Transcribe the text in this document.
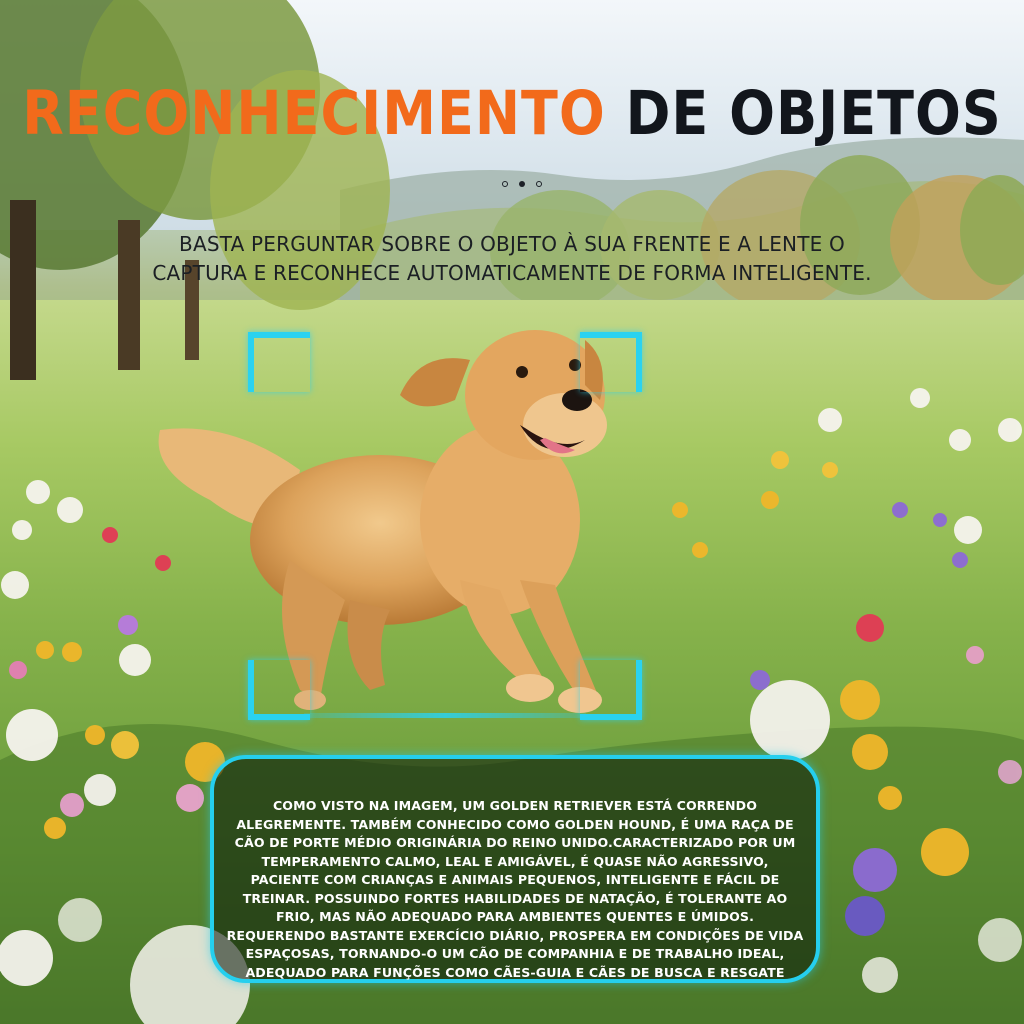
RECONHECIMENTO DE OBJETOS
BASTA PERGUNTAR SOBRE O OBJETO À SUA FRENTE E A LENTE O
CAPTURA E RECONHECE AUTOMATICAMENTE DE FORMA INTELIGENTE.
COMO VISTO NA IMAGEM, UM GOLDEN RETRIEVER ESTÁ CORRENDO ALEGREMENTE. TAMBÉM CONHECIDO COMO GOLDEN HOUND, É UMA RAÇA DE CÃO DE PORTE MÉDIO ORIGINÁRIA DO REINO UNIDO.CARACTERIZADO POR UM TEMPERAMENTO CALMO, LEAL E AMIGÁVEL, É QUASE NÃO AGRESSIVO, PACIENTE COM CRIANÇAS E ANIMAIS PEQUENOS, INTELIGENTE E FÁCIL DE TREINAR. POSSUINDO FORTES HABILIDADES DE NATAÇÃO, É TOLERANTE AO FRIO, MAS NÃO ADEQUADO PARA AMBIENTES QUENTES E ÚMIDOS. REQUERENDO BASTANTE EXERCÍCIO DIÁRIO, PROSPERA EM CONDIÇÕES DE VIDA ESPAÇOSAS, TORNANDO-O UM CÃO DE COMPANHIA E DE TRABALHO IDEAL, ADEQUADO PARA FUNÇÕES COMO CÃES-GUIA E CÃES DE BUSCA E RESGATE
